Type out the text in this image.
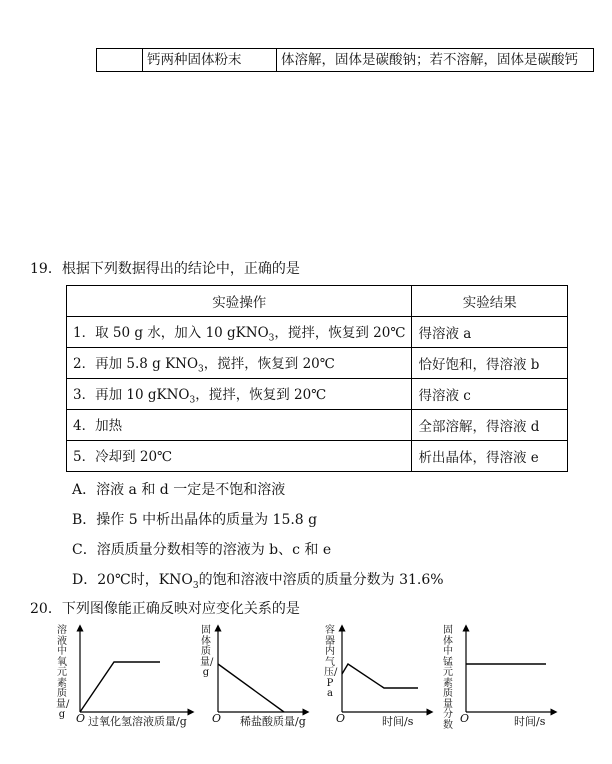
钙两种固体粉末	体溶解，固体是碳酸钠；若不溶解，固体是碳酸钙
19．根据下列数据得出的结论中，正确的是
实验操作	实验结果
1．取 50 g 水，加入 10 gKNO$_3$，搅拌，恢复到 20℃	得溶液 a
2．再加 5.8 g $KNO_3$，搅拌，恢复到 20℃	恰好饱和，得溶液 b
3．再加 10 gKNO$_3$，搅拌，恢复到 20℃	得溶液 c
4．加热	全部溶解，得溶液 d
5．冷却到 20℃	析出晶体，得溶液 e
A．溶液 a 和 d 一定是不饱和溶液
B．操作 5 中析出晶体的质量为 15.8 g
C．溶质质量分数相等的溶液为 b、c 和 e
D．20℃时，$KNO_3$的饱和溶液中溶质的质量分数为 31.6%
20．下列图像能正确反映对应变化关系的是
溶液中氧元素质量/g O 过氧化氢溶液质量/g
固体质量/g
O 稀盐酸质量/g
容器内气压/Pa
O	时间/s
固体中锰元素质量分数 O	时间/s
